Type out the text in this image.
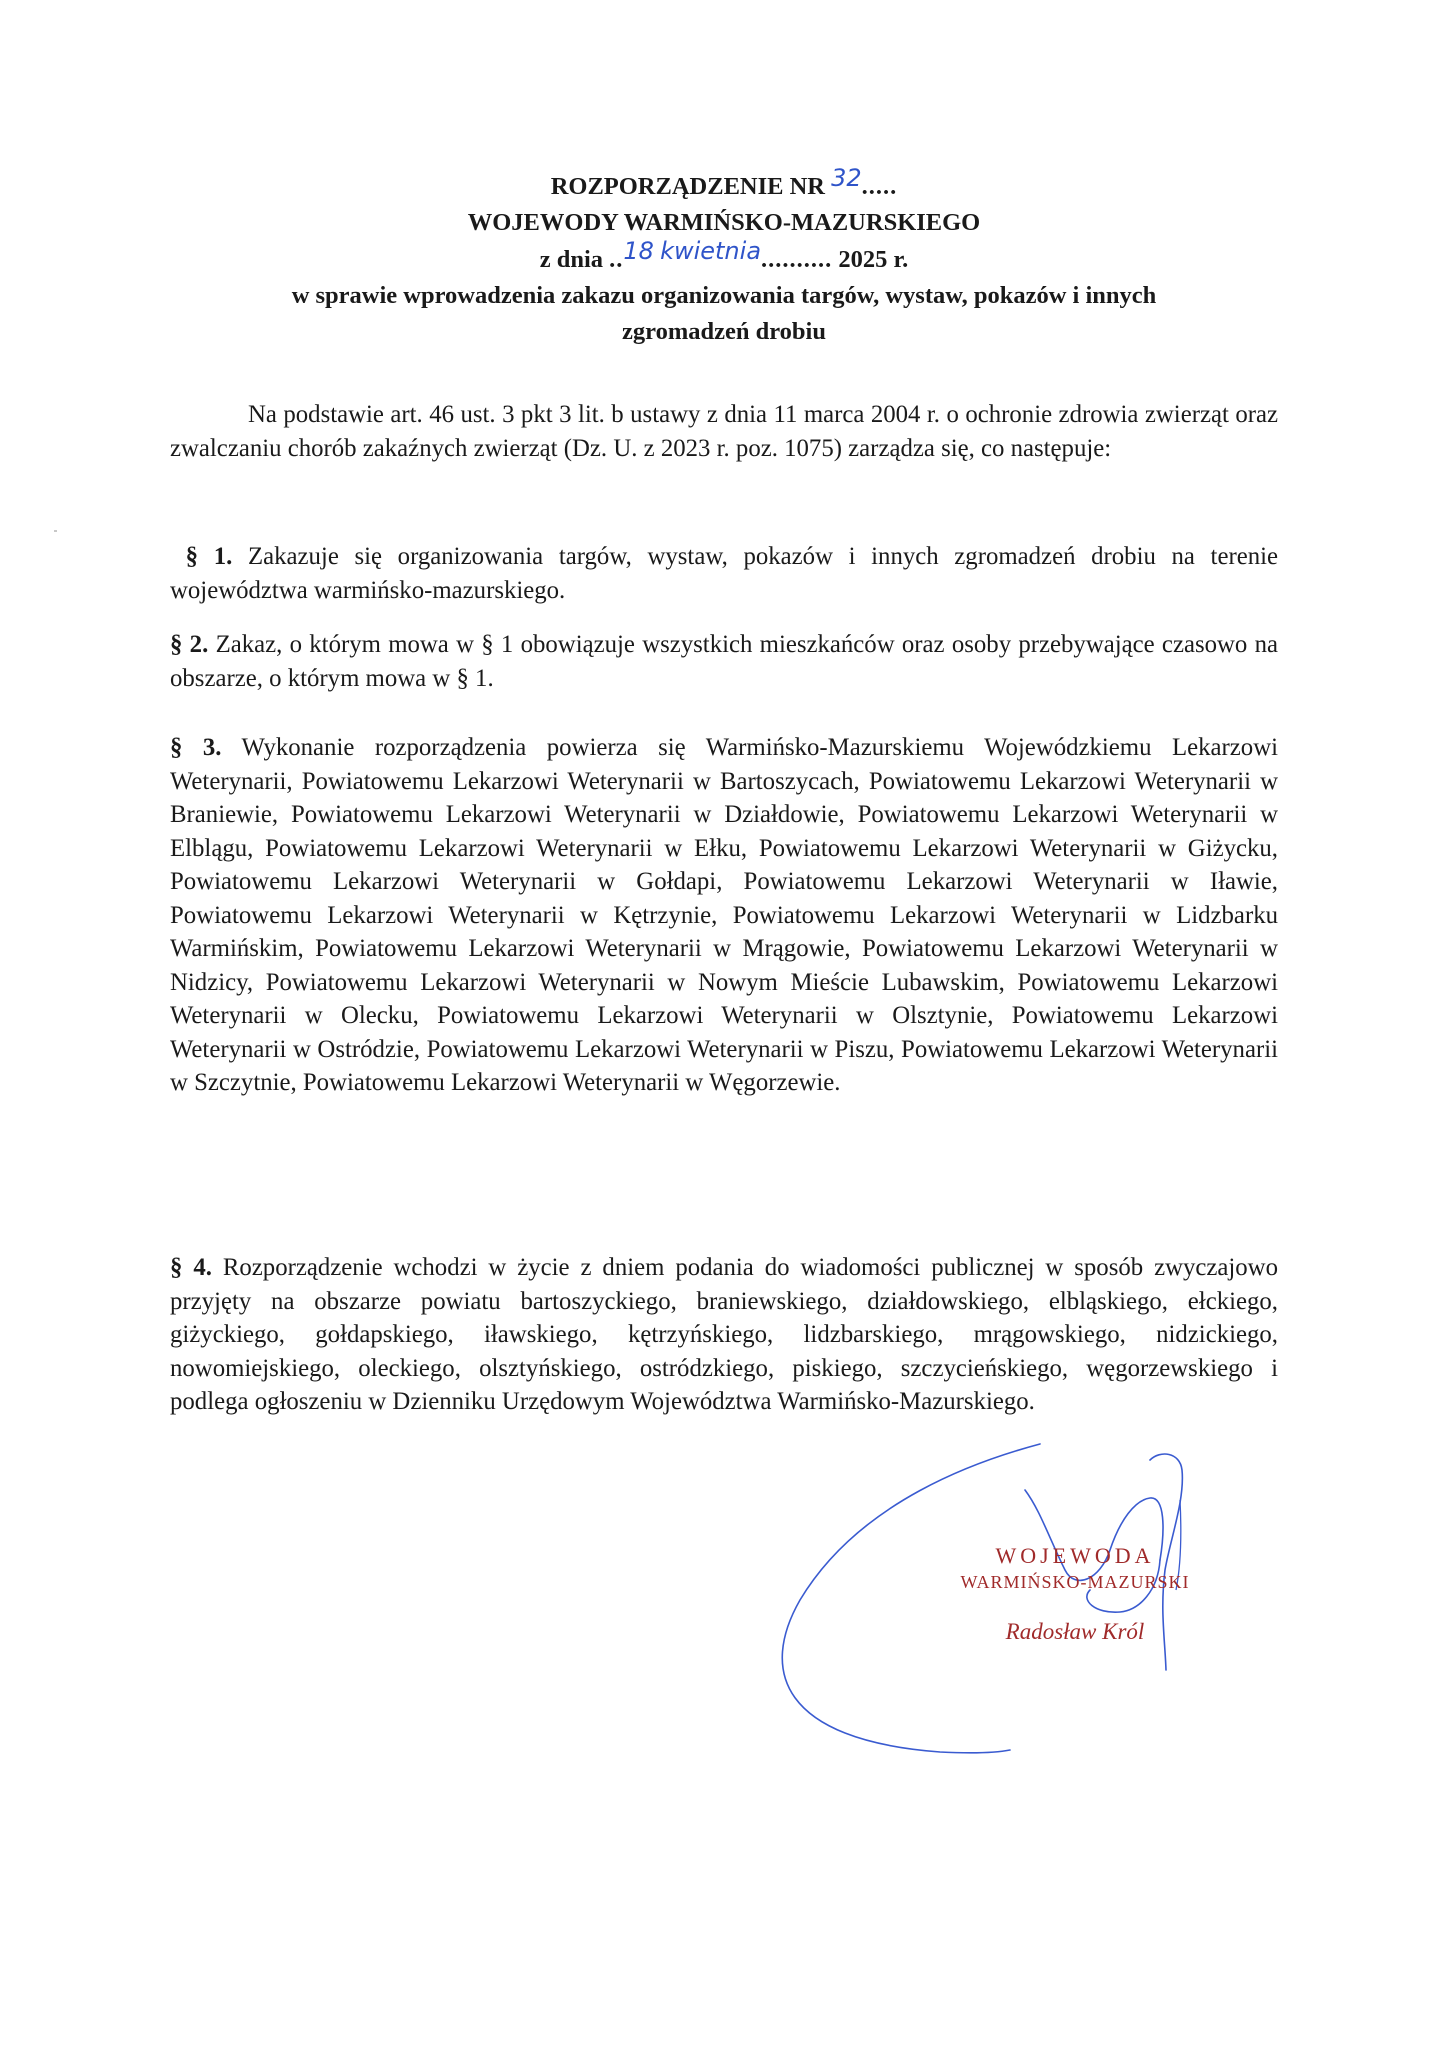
ROZPORZĄDZENIE NR 32.....
WOJEWODY WARMIŃSKO-MAZURSKIEGO
z dnia ..18 kwietnia.......... 2025 r.
w sprawie wprowadzenia zakazu organizowania targów, wystaw, pokazów i innych
zgromadzeń drobiu
Na podstawie art. 46 ust. 3 pkt 3 lit. b ustawy z dnia 11 marca 2004 r. o ochronie zdrowia zwierząt oraz zwalczaniu chorób zakaźnych zwierząt (Dz. U. z 2023 r. poz. 1075) zarządza się, co następuje:

§ 1. Zakazuje się organizowania targów, wystaw, pokazów i innych zgromadzeń drobiu na terenie województwa warmińsko-mazurskiego.

§ 2. Zakaz, o którym mowa w § 1 obowiązuje wszystkich mieszkańców oraz osoby przebywające czasowo na obszarze, o którym mowa w § 1.

§ 3. Wykonanie rozporządzenia powierza się Warmińsko-Mazurskiemu Wojewódzkiemu Lekarzowi Weterynarii, Powiatowemu Lekarzowi Weterynarii w Bartoszycach, Powiatowemu Lekarzowi Weterynarii w Braniewie, Powiatowemu Lekarzowi Weterynarii w Działdowie, Powiatowemu Lekarzowi Weterynarii w Elblągu, Powiatowemu Lekarzowi Weterynarii w Ełku, Powiatowemu Lekarzowi Weterynarii w Giżycku, Powiatowemu Lekarzowi Weterynarii w Gołdapi, Powiatowemu Lekarzowi Weterynarii w Iławie, Powiatowemu Lekarzowi Weterynarii w Kętrzynie, Powiatowemu Lekarzowi Weterynarii w Lidzbarku Warmińskim, Powiatowemu Lekarzowi Weterynarii w Mrągowie, Powiatowemu Lekarzowi Weterynarii w Nidzicy, Powiatowemu Lekarzowi Weterynarii w Nowym Mieście Lubawskim, Powiatowemu Lekarzowi Weterynarii w Olecku, Powiatowemu Lekarzowi Weterynarii w Olsztynie, Powiatowemu Lekarzowi Weterynarii w Ostródzie, Powiatowemu Lekarzowi Weterynarii w Piszu, Powiatowemu Lekarzowi Weterynarii w Szczytnie, Powiatowemu Lekarzowi Weterynarii w Węgorzewie.

§ 4. Rozporządzenie wchodzi w życie z dniem podania do wiadomości publicznej w sposób zwyczajowo przyjęty na obszarze powiatu bartoszyckiego, braniewskiego, działdowskiego, elbląskiego, ełckiego, giżyckiego, gołdapskiego, iławskiego, kętrzyńskiego, lidzbarskiego, mrągowskiego, nidzickiego, nowomiejskiego, oleckiego, olsztyńskiego, ostródzkiego, piskiego, szczycieńskiego, węgorzewskiego i podlega ogłoszeniu w Dzienniku Urzędowym Województwa Warmińsko-Mazurskiego.

WOJEWODA
WARMIŃSKO-MAZURSKI
Radosław Król
